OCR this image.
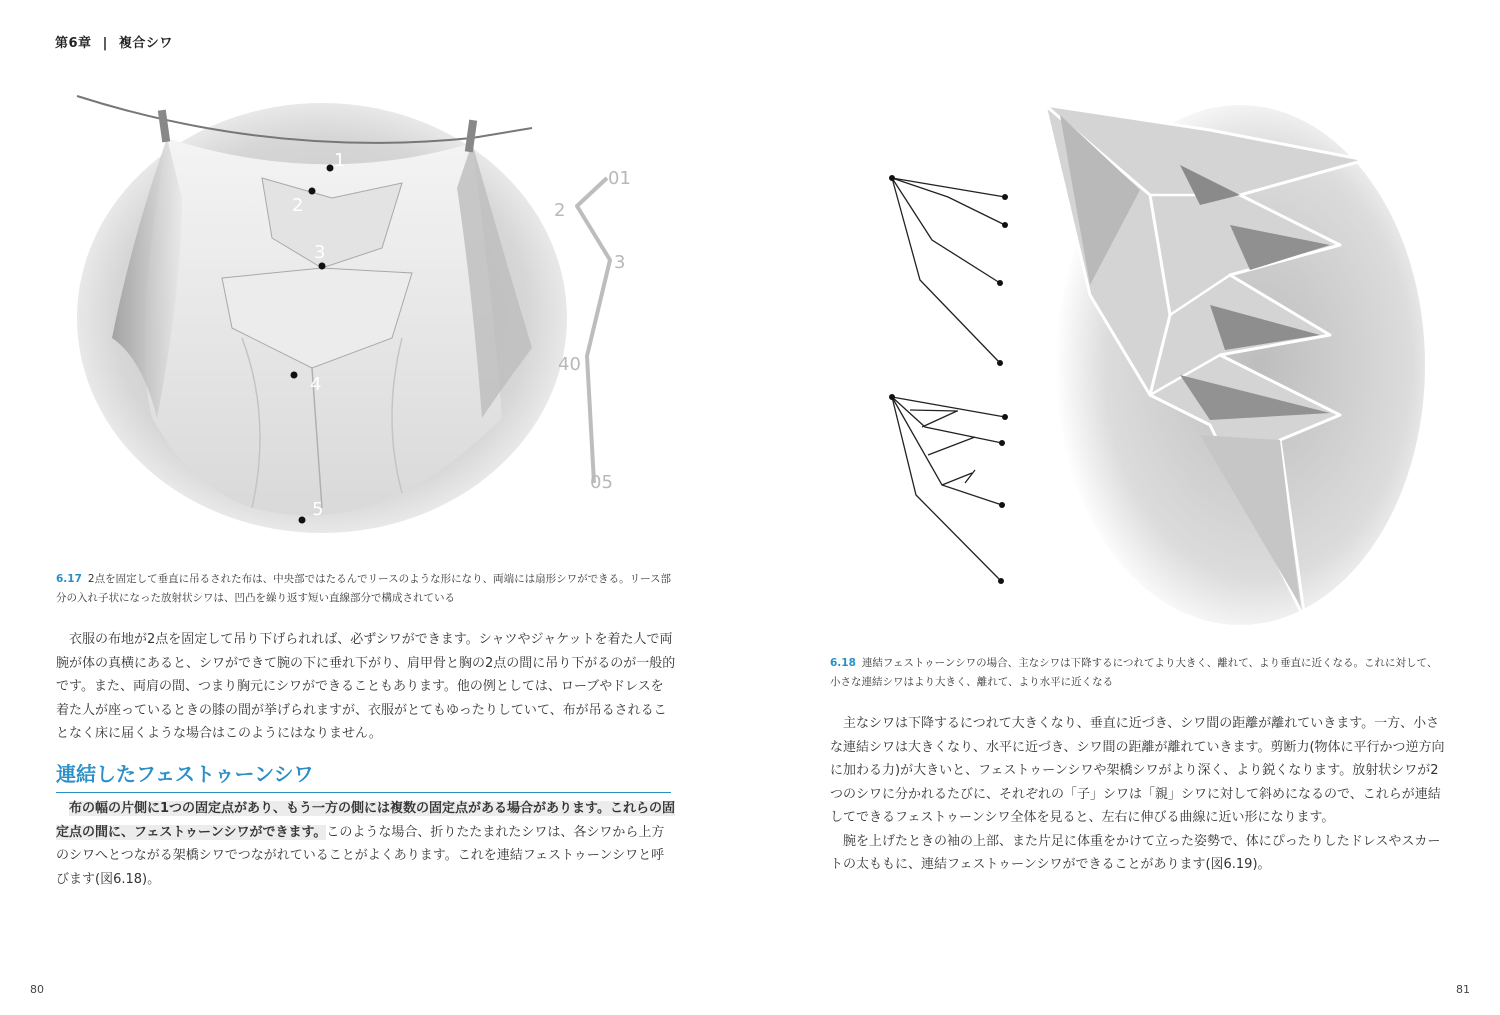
第6章 | 複合シワ
1
2
3
4
5
01
2
3
40
05
6.17 2点を固定して垂直に吊るされた布は、中央部ではたるんでリースのような形になり、両端には扇形シワができる。リース部分の入れ子状になった放射状シワは、凹凸を繰り返す短い直線部分で構成されている

衣服の布地が2点を固定して吊り下げられれば、必ずシワができます。シャツやジャケットを着た人で両腕が体の真横にあると、シワができて腕の下に垂れ下がり、肩甲骨と胸の2点の間に吊り下がるのが一般的です。また、両肩の間、つまり胸元にシワができることもあります。他の例としては、ローブやドレスを着た人が座っているときの膝の間が挙げられますが、衣服がとてもゆったりしていて、布が吊るされることなく床に届くような場合はこのようにはなりません。

連結したフェストゥーンシワ

布の幅の片側に1つの固定点があり、もう一方の側には複数の固定点がある場合があります。これらの固定点の間に、フェストゥーンシワができます。このような場合、折りたたまれたシワは、各シワから上方のシワへとつながる架橋シワでつながれていることがよくあります。これを連結フェストゥーンシワと呼びます(図6.18)。

6.18 連結フェストゥーンシワの場合、主なシワは下降するにつれてより大きく、離れて、より垂直に近くなる。これに対して、小さな連結シワはより大きく、離れて、より水平に近くなる

主なシワは下降するにつれて大きくなり、垂直に近づき、シワ間の距離が離れていきます。一方、小さな連結シワは大きくなり、水平に近づき、シワ間の距離が離れていきます。剪断力(物体に平行かつ逆方向に加わる力)が大きいと、フェストゥーンシワや架橋シワがより深く、より鋭くなります。放射状シワが2つのシワに分かれるたびに、それぞれの「子」シワは「親」シワに対して斜めになるので、これらが連結してできるフェストゥーンシワ全体を見ると、左右に伸びる曲線に近い形になります。

腕を上げたときの袖の上部、また片足に体重をかけて立った姿勢で、体にぴったりしたドレスやスカートの太ももに、連結フェストゥーンシワができることがあります(図6.19)。

80	81
